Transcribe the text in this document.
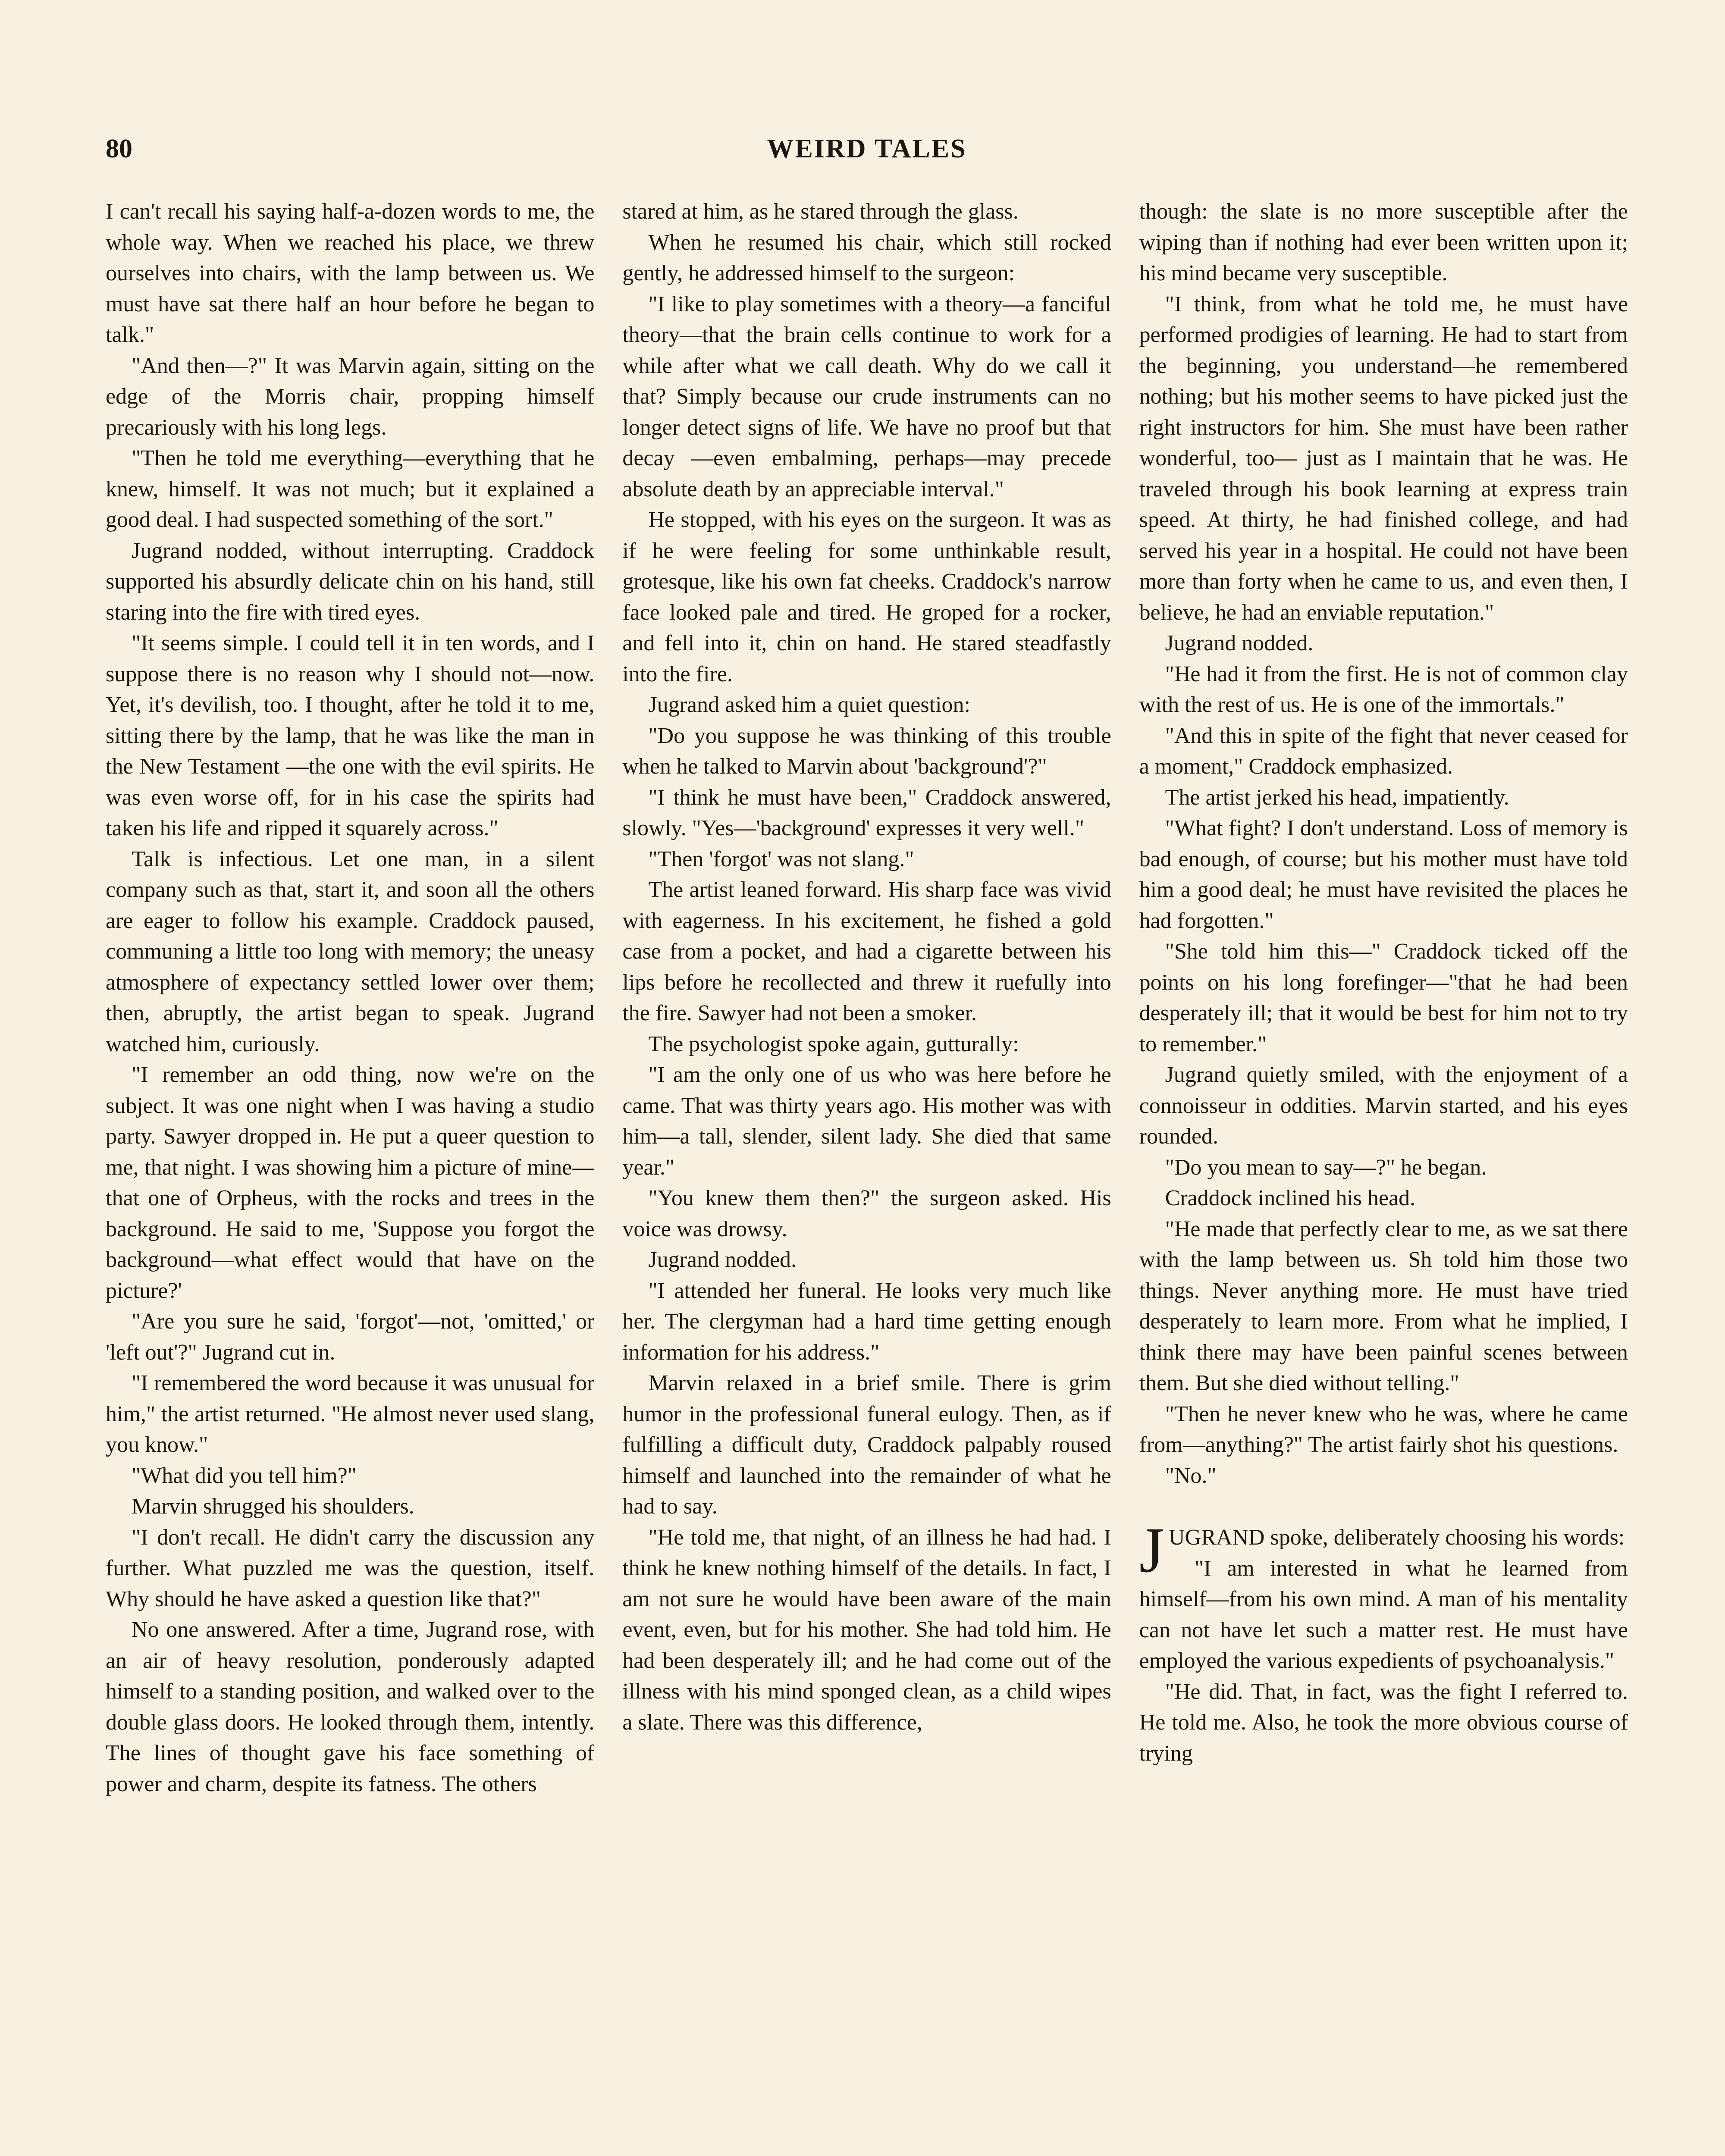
80	WEIRD TALES

I can't recall his saying half-a-dozen words to me, the whole way. When we reached his place, we threw ourselves into chairs, with the lamp between us. We must have sat there half an hour before he began to talk."

"And then—?" It was Marvin again, sitting on the edge of the Morris chair, propping himself precariously with his long legs.

"Then he told me everything—everything that he knew, himself. It was not much; but it explained a good deal. I had suspected something of the sort."

Jugrand nodded, without interrupting. Craddock supported his absurdly delicate chin on his hand, still staring into the fire with tired eyes.

"It seems simple. I could tell it in ten words, and I suppose there is no reason why I should not—now. Yet, it's devilish, too. I thought, after he told it to me, sitting there by the lamp, that he was like the man in the New Testament —the one with the evil spirits. He was even worse off, for in his case the spirits had taken his life and ripped it squarely across."

Talk is infectious. Let one man, in a silent company such as that, start it, and soon all the others are eager to follow his example. Craddock paused, communing a little too long with memory; the uneasy atmosphere of expectancy settled lower over them; then, abruptly, the artist began to speak. Jugrand watched him, curiously.

"I remember an odd thing, now we're on the subject. It was one night when I was having a studio party. Sawyer dropped in. He put a queer question to me, that night. I was showing him a picture of mine—that one of Orpheus, with the rocks and trees in the background. He said to me, 'Suppose you forgot the background—what effect would that have on the picture?'

"Are you sure he said, 'forgot'—not, 'omitted,' or 'left out'?" Jugrand cut in.

"I remembered the word because it was unusual for him," the artist returned. "He almost never used slang, you know."

"What did you tell him?"

Marvin shrugged his shoulders.

"I don't recall. He didn't carry the discussion any further. What puzzled me was the question, itself. Why should he have asked a question like that?"

No one answered. After a time, Jugrand rose, with an air of heavy resolution, ponderously adapted himself to a standing position, and walked over to the double glass doors. He looked through them, intently. The lines of thought gave his face something of power and charm, despite its fatness. The others

stared at him, as he stared through the glass.

When he resumed his chair, which still rocked gently, he addressed himself to the surgeon:

"I like to play sometimes with a theory—a fanciful theory—that the brain cells continue to work for a while after what we call death. Why do we call it that? Simply because our crude instruments can no longer detect signs of life. We have no proof but that decay —even embalming, perhaps—may precede absolute death by an appreciable interval."

He stopped, with his eyes on the surgeon. It was as if he were feeling for some unthinkable result, grotesque, like his own fat cheeks. Craddock's narrow face looked pale and tired. He groped for a rocker, and fell into it, chin on hand. He stared steadfastly into the fire.

Jugrand asked him a quiet question:

"Do you suppose he was thinking of this trouble when he talked to Marvin about 'background'?"

"I think he must have been," Craddock answered, slowly. "Yes—'background' expresses it very well."

"Then 'forgot' was not slang."

The artist leaned forward. His sharp face was vivid with eagerness. In his excitement, he fished a gold case from a pocket, and had a cigarette between his lips before he recollected and threw it ruefully into the fire. Sawyer had not been a smoker.

The psychologist spoke again, gutturally:

"I am the only one of us who was here before he came. That was thirty years ago. His mother was with him—a tall, slender, silent lady. She died that same year."

"You knew them then?" the surgeon asked. His voice was drowsy.

Jugrand nodded.

"I attended her funeral. He looks very much like her. The clergyman had a hard time getting enough information for his address."

Marvin relaxed in a brief smile. There is grim humor in the professional funeral eulogy. Then, as if fulfilling a difficult duty, Craddock palpably roused himself and launched into the remainder of what he had to say.

"He told me, that night, of an illness he had had. I think he knew nothing himself of the details. In fact, I am not sure he would have been aware of the main event, even, but for his mother. She had told him. He had been desperately ill; and he had come out of the illness with his mind sponged clean, as a child wipes a slate. There was this difference,

though: the slate is no more susceptible after the wiping than if nothing had ever been written upon it; his mind became very susceptible.

"I think, from what he told me, he must have performed prodigies of learning. He had to start from the beginning, you understand—he remembered nothing; but his mother seems to have picked just the right instructors for him. She must have been rather wonderful, too— just as I maintain that he was. He traveled through his book learning at express train speed. At thirty, he had finished college, and had served his year in a hospital. He could not have been more than forty when he came to us, and even then, I believe, he had an enviable reputation."

Jugrand nodded.

"He had it from the first. He is not of common clay with the rest of us. He is one of the immortals."

"And this in spite of the fight that never ceased for a moment," Craddock emphasized.

The artist jerked his head, impatiently.

"What fight? I don't understand. Loss of memory is bad enough, of course; but his mother must have told him a good deal; he must have revisited the places he had forgotten."

"She told him this—" Craddock ticked off the points on his long forefinger—"that he had been desperately ill; that it would be best for him not to try to remember."

Jugrand quietly smiled, with the enjoyment of a connoisseur in oddities. Marvin started, and his eyes rounded.

"Do you mean to say—?" he began.

Craddock inclined his head.

"He made that perfectly clear to me, as we sat there with the lamp between us. Sh told him those two things. Never anything more. He must have tried desperately to learn more. From what he implied, I think there may have been painful scenes between them. But she died without telling."

"Then he never knew who he was, where he came from—anything?" The artist fairly shot his questions.

"No."

JUGRAND spoke, deliberately choosing his words:

"I am interested in what he learned from himself—from his own mind. A man of his mentality can not have let such a matter rest. He must have employed the various expedients of psychoanalysis."

"He did. That, in fact, was the fight I referred to. He told me. Also, he took the more obvious course of trying
